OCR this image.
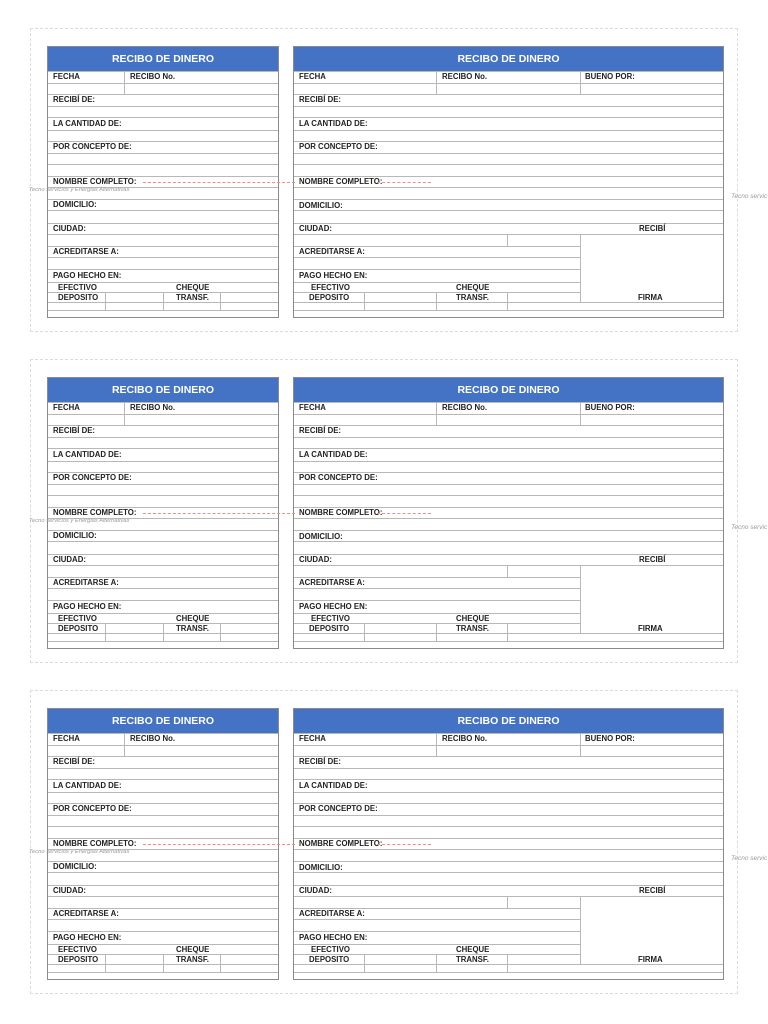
RECIBO DE DINERO
FECHA	RECIBO No.
RECIBÍ DE:
LA CANTIDAD DE:
POR CONCEPTO DE:
NOMBRE COMPLETO:
DOMICILIO:
CIUDAD:
ACREDITARSE A:
PAGO HECHO EN:
EFECTIVO	CHEQUE
DEPOSITO	TRANSF.
RECIBO DE DINERO
FECHA	RECIBO No.	BUENO POR:
RECIBÍ DE:
LA CANTIDAD DE:
POR CONCEPTO DE:
NOMBRE COMPLETO:
DOMICILIO:
CIUDAD:	RECIBÍ
ACREDITARSE A:
PAGO HECHO EN:
EFECTIVO	CHEQUE
DEPOSITO	TRANSF.	FIRMA
Tecno servicios y Energias Alternativas
Tecno servic
RECIBO DE DINERO
FECHA	RECIBO No.
RECIBÍ DE:
LA CANTIDAD DE:
POR CONCEPTO DE:
NOMBRE COMPLETO:
DOMICILIO:
CIUDAD:
ACREDITARSE A:
PAGO HECHO EN:
EFECTIVO	CHEQUE
DEPOSITO	TRANSF.
RECIBO DE DINERO
FECHA	RECIBO No.	BUENO POR:
RECIBÍ DE:
LA CANTIDAD DE:
POR CONCEPTO DE:
NOMBRE COMPLETO:
DOMICILIO:
CIUDAD:	RECIBÍ
ACREDITARSE A:
PAGO HECHO EN:
EFECTIVO	CHEQUE
DEPOSITO	TRANSF.	FIRMA
Tecno servicios y Energias Alternativas
Tecno servic
RECIBO DE DINERO
FECHA	RECIBO No.
RECIBÍ DE:
LA CANTIDAD DE:
POR CONCEPTO DE:
NOMBRE COMPLETO:
DOMICILIO:
CIUDAD:
ACREDITARSE A:
PAGO HECHO EN:
EFECTIVO	CHEQUE
DEPOSITO	TRANSF.
RECIBO DE DINERO
FECHA	RECIBO No.	BUENO POR:
RECIBÍ DE:
LA CANTIDAD DE:
POR CONCEPTO DE:
NOMBRE COMPLETO:
DOMICILIO:
CIUDAD:	RECIBÍ
ACREDITARSE A:
PAGO HECHO EN:
EFECTIVO	CHEQUE
DEPOSITO	TRANSF.	FIRMA
Tecno servicios y Energias Alternativas
Tecno servic
